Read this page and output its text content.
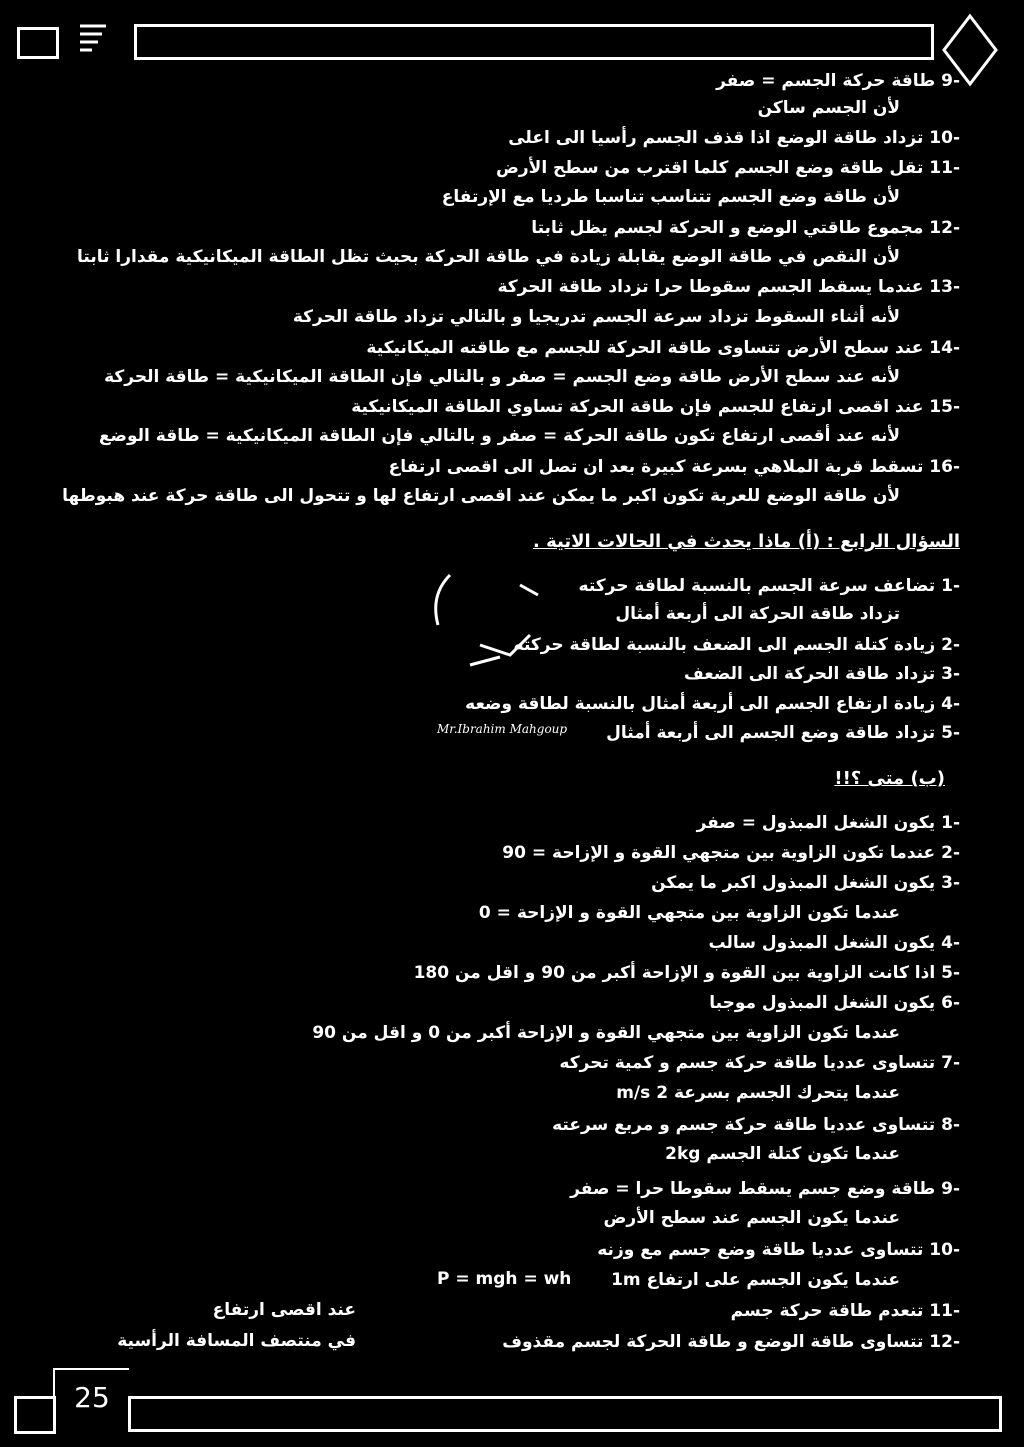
-9 طاقة حركة الجسم = صفر
لأن الجسم ساكن
-10 تزداد طاقة الوضع اذا قذف الجسم رأسيا الى اعلى
-11 تقل طاقة وضع الجسم كلما اقترب من سطح الأرض
لأن طاقة وضع الجسم تتناسب تناسبا طرديا مع الإرتفاع
-12 مجموع طاقتي الوضع و الحركة لجسم يظل ثابتا
لأن النقص في طاقة الوضع يقابلة زيادة في طاقة الحركة بحيث تظل الطاقة الميكانيكية مقدارا ثابتا
-13 عندما يسقط الجسم سقوطا حرا تزداد طاقة الحركة
لأنه أثناء السقوط تزداد سرعة الجسم تدريجيا و بالتالي تزداد طاقة الحركة
-14 عند سطح الأرض تتساوى طاقة الحركة للجسم مع طاقته الميكانيكية
لأنه عند سطح الأرض طاقة وضع الجسم = صفر و بالتالي فإن الطاقة الميكانيكية = طاقة الحركة
-15 عند اقصى ارتفاع للجسم فإن طاقة الحركة تساوي الطاقة الميكانيكية
لأنه عند أقصى ارتفاع تكون طاقة الحركة = صفر و بالتالي فإن الطاقة الميكانيكية = طاقة الوضع
-16 تسقط قربة الملاهي بسرعة كبيرة بعد ان تصل الى اقصى ارتفاع
لأن طاقة الوضع للعربة تكون اكبر ما يمكن عند اقصى ارتفاع لها و تتحول الى طاقة حركة عند هبوطها
السؤال الرابع : (أ) ماذا يحدث في الحالات الاتية .
-1 تضاعف سرعة الجسم بالنسبة لطاقة حركته
تزداد طاقة الحركة الى أربعة أمثال
-2 زيادة كتلة الجسم الى الضعف بالنسبة لطاقة حركته
-3 تزداد طاقة الحركة الى الضعف
-4 زيادة ارتفاع الجسم الى أربعة أمثال بالنسبة لطاقة وضعه
-5 تزداد طاقة وضع الجسم الى أربعة أمثال
Mr.Ibrahim Mahgoup
(ب) متى ؟!!
-1 يكون الشغل المبذول = صفر
-2 عندما تكون الزاوية بين متجهي القوة و الإزاحة = 90
-3 يكون الشغل المبذول اكبر ما يمكن
عندما تكون الزاوية بين متجهي القوة و الإزاحة = 0
-4 يكون الشغل المبذول سالب
-5 اذا كانت الزاوية بين القوة و الإزاحة أكبر من 90 و اقل من 180
-6 يكون الشغل المبذول موجبا
عندما تكون الزاوية بين متجهي القوة و الإزاحة أكبر من 0 و اقل من 90
-7 تتساوى عدديا طاقة حركة جسم و كمية تحركه
عندما يتحرك الجسم بسرعة 2 m/s
-8 تتساوى عدديا طاقة حركة جسم و مربع سرعته
عندما تكون كتلة الجسم 2kg
-9 طاقة وضع جسم يسقط سقوطا حرا = صفر
عندما يكون الجسم عند سطح الأرض
-10 تتساوى عدديا طاقة وضع جسم مع وزنه
عندما يكون الجسم على ارتفاع 1m
P = mgh = wh
-11 تنعدم طاقة حركة جسم
عند اقصى ارتفاع
-12 تتساوى طاقة الوضع و طاقة الحركة لجسم مقذوف
في منتصف المسافة الرأسية
25
